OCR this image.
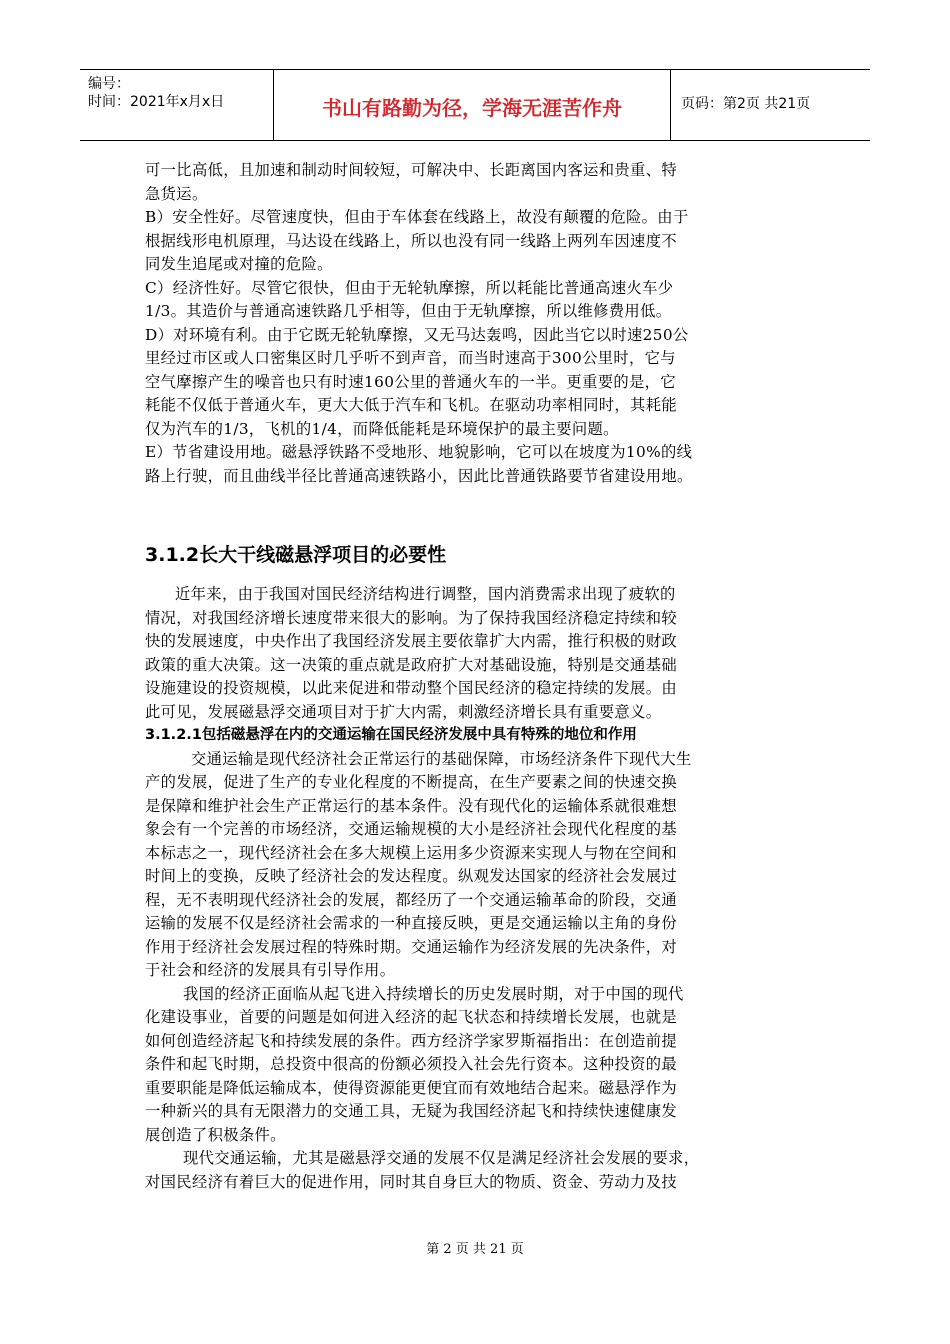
编号：
时间：2021年x月x日	书山有路勤为径，学海无涯苦作舟	页码：第2页 共21页
可一比高低，且加速和制动时间较短，可解决中、长距离国内客运和贵重、特
急货运。
B）安全性好。尽管速度快，但由于车体套在线路上，故没有颠覆的危险。由于
根据线形电机原理，马达设在线路上，所以也没有同一线路上两列车因速度不
同发生追尾或对撞的危险。
C）经济性好。尽管它很快，但由于无轮轨摩擦，所以耗能比普通高速火车少
1/3。其造价与普通高速铁路几乎相等，但由于无轨摩擦，所以维修费用低。
D）对环境有利。由于它既无轮轨摩擦，又无马达轰鸣，因此当它以时速250公
里经过市区或人口密集区时几乎听不到声音，而当时速高于300公里时，它与
空气摩擦产生的噪音也只有时速160公里的普通火车的一半。更重要的是，它
耗能不仅低于普通火车，更大大低于汽车和飞机。在驱动功率相同时，其耗能
仅为汽车的1/3，飞机的1/4，而降低能耗是环境保护的最主要问题。
E）节省建设用地。磁悬浮铁路不受地形、地貌影响，它可以在坡度为10%的线
路上行驶，而且曲线半径比普通高速铁路小，因此比普通铁路要节省建设用地。
3.1.2长大干线磁悬浮项目的必要性
近年来，由于我国对国民经济结构进行调整，国内消费需求出现了疲软的
情况，对我国经济增长速度带来很大的影响。为了保持我国经济稳定持续和较
快的发展速度，中央作出了我国经济发展主要依靠扩大内需，推行积极的财政
政策的重大决策。这一决策的重点就是政府扩大对基础设施，特别是交通基础
设施建设的投资规模，以此来促进和带动整个国民经济的稳定持续的发展。由
此可见，发展磁悬浮交通项目对于扩大内需，刺激经济增长具有重要意义。
3.1.2.1包括磁悬浮在内的交通运输在国民经济发展中具有特殊的地位和作用
交通运输是现代经济社会正常运行的基础保障，市场经济条件下现代大生
产的发展，促进了生产的专业化程度的不断提高，在生产要素之间的快速交换
是保障和维护社会生产正常运行的基本条件。没有现代化的运输体系就很难想
象会有一个完善的市场经济，交通运输规模的大小是经济社会现代化程度的基
本标志之一，现代经济社会在多大规模上运用多少资源来实现人与物在空间和
时间上的变换，反映了经济社会的发达程度。纵观发达国家的经济社会发展过
程，无不表明现代经济社会的发展，都经历了一个交通运输革命的阶段，交通
运输的发展不仅是经济社会需求的一种直接反映，更是交通运输以主角的身份
作用于经济社会发展过程的特殊时期。交通运输作为经济发展的先决条件，对
于社会和经济的发展具有引导作用。
我国的经济正面临从起飞进入持续增长的历史发展时期，对于中国的现代
化建设事业，首要的问题是如何进入经济的起飞状态和持续增长发展，也就是
如何创造经济起飞和持续发展的条件。西方经济学家罗斯福指出：在创造前提
条件和起飞时期，总投资中很高的份额必须投入社会先行资本。这种投资的最
重要职能是降低运输成本，使得资源能更便宜而有效地结合起来。磁悬浮作为
一种新兴的具有无限潜力的交通工具，无疑为我国经济起飞和持续快速健康发
展创造了积极条件。
现代交通运输，尤其是磁悬浮交通的发展不仅是满足经济社会发展的要求，
对国民经济有着巨大的促进作用，同时其自身巨大的物质、资金、劳动力及技
第 2 页 共 21 页
